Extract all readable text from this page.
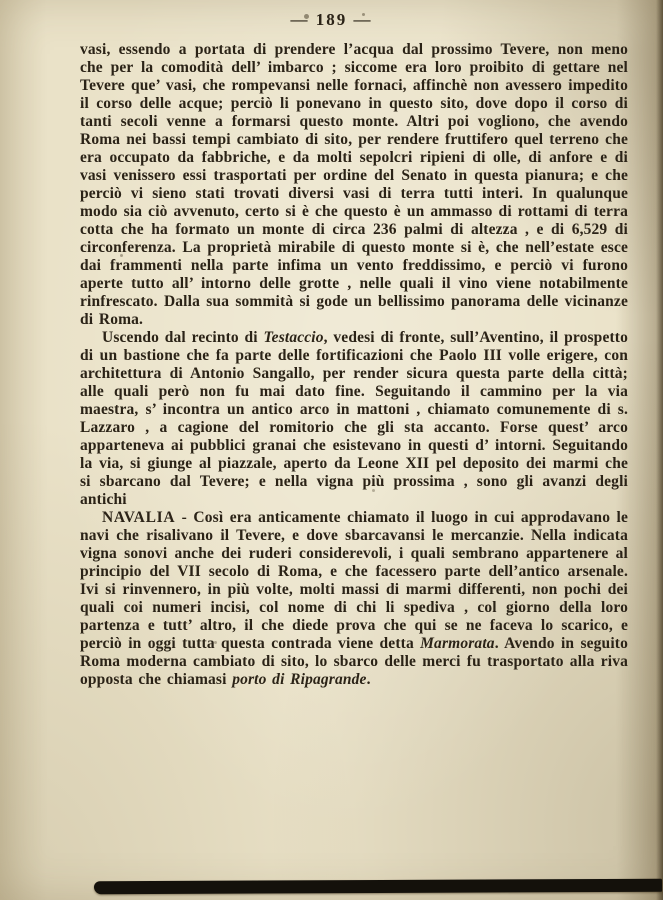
— 189 —

vasi, essendo a portata di prendere l’acqua dal prossimo Tevere, non meno che per la comodità dell’ imbarco ; siccome era loro proibito di gettare nel Tevere que’ vasi, che rompevansi nelle fornaci, affinchè non avessero impedito il corso delle acque; perciò li ponevano in questo sito, dove dopo il corso di tanti secoli venne a formarsi questo monte. Altri poi vogliono, che avendo Roma nei bassi tempi cambiato di sito, per rendere fruttifero quel terreno che era occupato da fabbriche, e da molti sepolcri ripieni di olle, di anfore e di vasi venissero essi trasportati per ordine del Senato in questa pianura; e che perciò vi sieno stati trovati diversi vasi di terra tutti interi. In qualunque modo sia ciò avvenuto, certo si è che questo è un ammasso di rottami di terra cotta che ha formato un monte di circa 236 palmi di altezza , e di 6,529 di circonferenza. La proprietà mirabile di questo monte si è, che nell’estate esce dai frammenti nella parte infima un vento freddissimo, e perciò vi furono aperte tutto all’ intorno delle grotte , nelle quali il vino viene notabilmente rinfrescato. Dalla sua sommità si gode un bellissimo panorama delle vicinanze di Roma.

Uscendo dal recinto di Testaccio, vedesi di fronte, sull’Aventino, il prospetto di un bastione che fa parte delle fortificazioni che Paolo III volle erigere, con architettura di Antonio Sangallo, per render sicura questa parte della città; alle quali però non fu mai dato fine. Seguitando il cammino per la via maestra, s’ incontra un antico arco in mattoni , chiamato comunemente di s. Lazzaro , a cagione del romitorio che gli sta accanto. Forse quest’ arco apparteneva ai pubblici granai che esistevano in questi d’ intorni. Seguitando la via, si giunge al piazzale, aperto da Leone XII pel deposito dei marmi che si sbarcano dal Tevere; e nella vigna più prossima , sono gli avanzi degli antichi

NAVALIA - Così era anticamente chiamato il luogo in cui approdavano le navi che risalivano il Tevere, e dove sbarcavansi le mercanzie. Nella indicata vigna sonovi anche dei ruderi considerevoli, i quali sembrano appartenere al principio del VII secolo di Roma, e che facessero parte dell’antico arsenale. Ivi si rinvennero, in più volte, molti massi di marmi differenti, non pochi dei quali coi numeri incisi, col nome di chi li spediva , col giorno della loro partenza e tutt’ altro, il che diede prova che qui se ne faceva lo scarico, e perciò in oggi tutta questa contrada viene detta Marmorata. Avendo in seguito Roma moderna cambiato di sito, lo sbarco delle merci fu trasportato alla riva opposta che chiamasi porto di Ripagrande.
